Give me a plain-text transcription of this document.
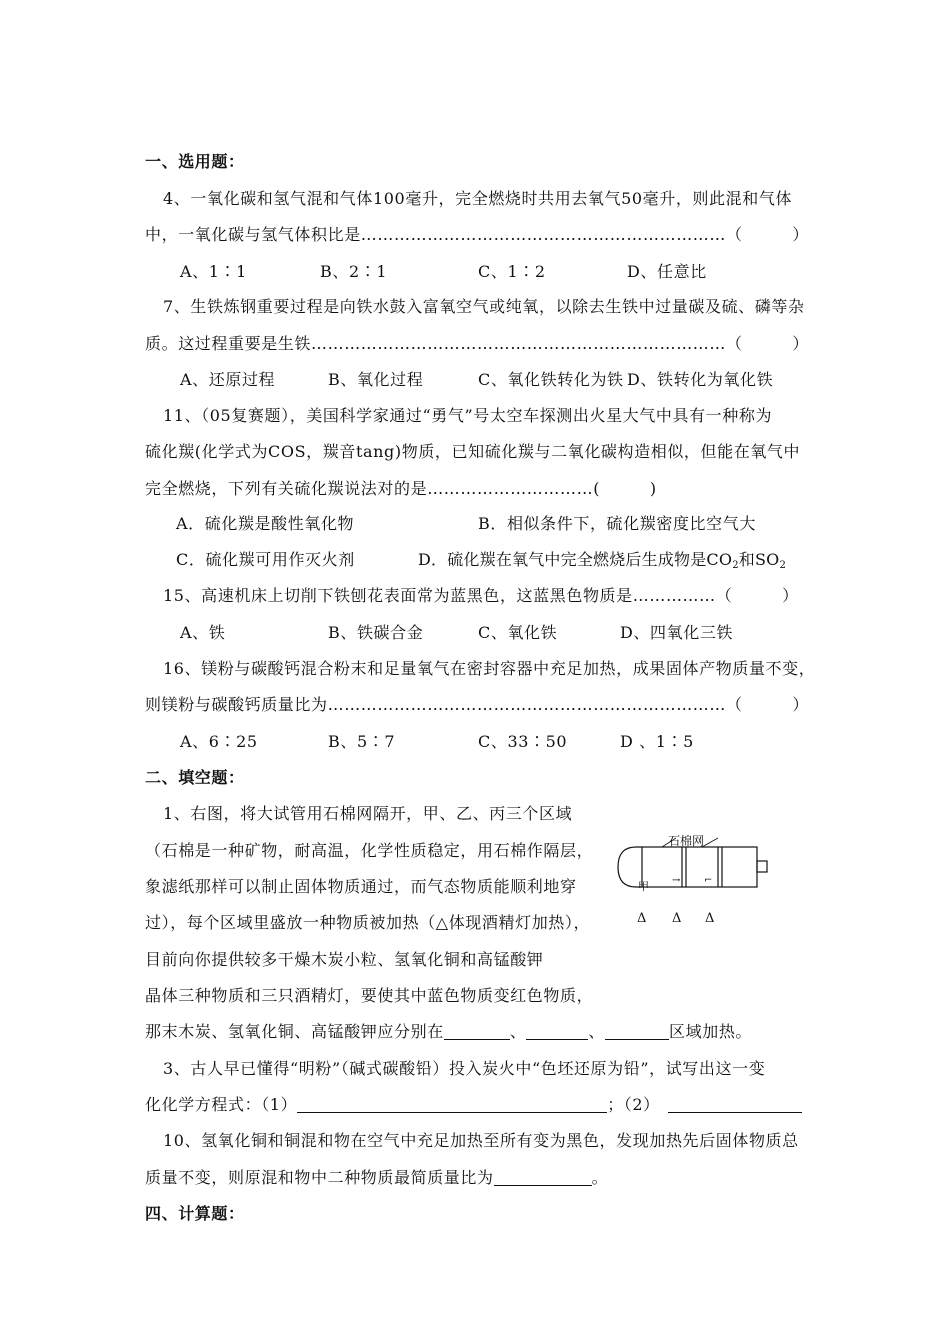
一、选用题：
4、一氧化碳和氢气混和气体100毫升，完全燃烧时共用去氧气50毫升，则此混和气体
中，一氧化碳与氢气体积比是…………………………………………………………（　　　）
A、1∶1	B、2∶1	C、1∶2	D、任意比
7、生铁炼钢重要过程是向铁水鼓入富氧空气或纯氧，以除去生铁中过量碳及硫、磷等杂
质。这过程重要是生铁…………………………………………………………………（　　　）
A、还原过程	B、氧化过程	C、氧化铁转化为铁 D、铁转化为氧化铁
11、（05复赛题），美国科学家通过“勇气”号太空车探测出火星大气中具有一种称为
硫化羰(化学式为COS，羰音tang)物质，已知硫化羰与二氧化碳构造相似，但能在氧气中
完全燃烧，下列有关硫化羰说法对的是…………………………(　　　)
A．硫化羰是酸性氧化物	B．相似条件下，硫化羰密度比空气大
C．硫化羰可用作灭火剂	D．硫化羰在氧气中完全燃烧后生成物是$CO_2$和$SO_2$
15、高速机床上切削下铁刨花表面常为蓝黑色，这蓝黑色物质是……………（　　　）
A、铁	B、铁碳合金	C、氧化铁	D、四氧化三铁
16、镁粉与碳酸钙混合粉末和足量氧气在密封容器中充足加热，成果固体产物质量不变，
则镁粉与碳酸钙质量比为………………………………………………………………（　　　）
A、6∶25	B、5∶7	C、33∶50	D 、1∶5
二、填空题：
1、右图，将大试管用石棉网隔开，甲、乙、丙三个区域
（石棉是一种矿物，耐高温，化学性质稳定，用石棉作隔层，
象滤纸那样可以制止固体物质通过，而气态物质能顺利地穿
过），每个区域里盛放一种物质被加热（△体现酒精灯加热），
目前向你提供较多干燥木炭小粒、氢氧化铜和高锰酸钾
晶体三种物质和三只酒精灯，要使其中蓝色物质变红色物质，
那末木炭、氢氧化铜、高锰酸钾应分别在	、	、	区域加热。
石棉网
甲 → ⌐
Δ Δ Δ
3、古人早已懂得“明粉”（碱式碳酸铅）投入炭火中“色坯还原为铅”，试写出这一变
化化学方程式：（1）	；（2）
10、氢氧化铜和铜混和物在空气中充足加热至所有变为黑色，发现加热先后固体物质总
质量不变，则原混和物中二种物质最简质量比为	。
四、计算题：
